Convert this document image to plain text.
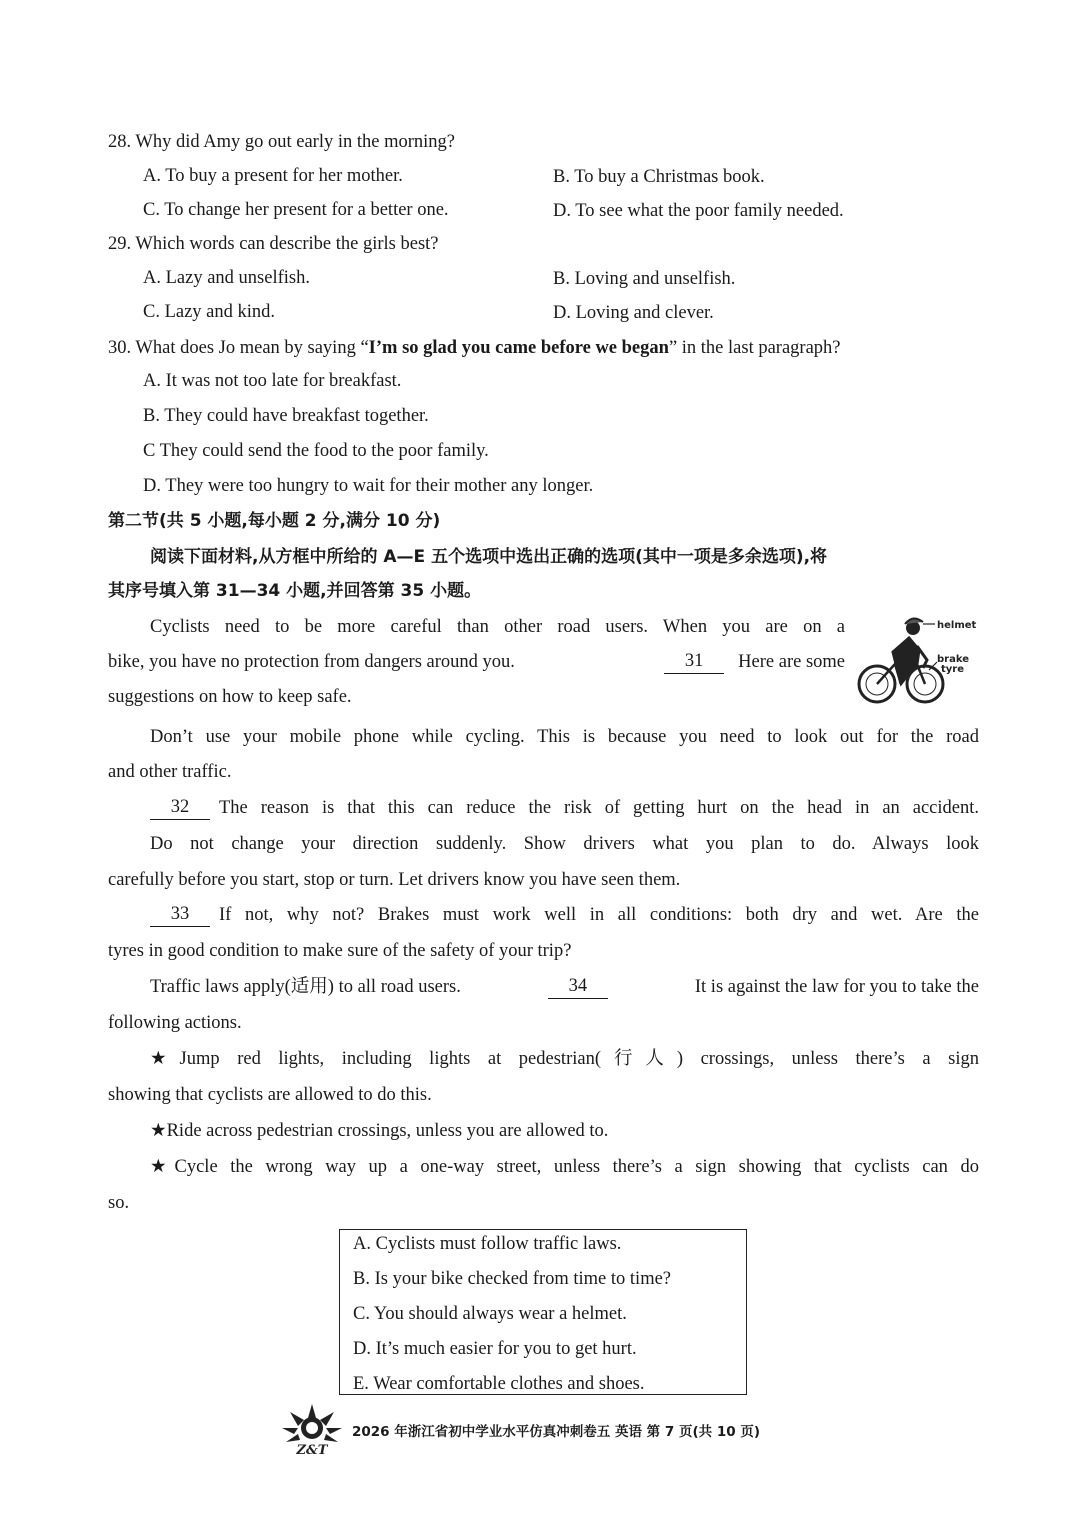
28. Why did Amy go out early in the morning?
A. To buy a present for her mother.	B. To buy a Christmas book.
C. To change her present for a better one.	D. To see what the poor family needed.
29. Which words can describe the girls best?
A. Lazy and unselfish.	B. Loving and unselfish.
C. Lazy and kind.	D. Loving and clever.
30. What does Jo mean by saying “I’m so glad you came before we began” in the last paragraph?
A. It was not too late for breakfast.
B. They could have breakfast together.
C They could send the food to the poor family.
D. They were too hungry to wait for their mother any longer.
第二节(共 5 小题,每小题 2 分,满分 10 分)
阅读下面材料,从方框中所给的 A—E 五个选项中选出正确的选项(其中一项是多余选项),将
其序号填入第 31—34 小题,并回答第 35 小题。
Cyclists need to be more careful than other road users. When you are on a
bike, you have no protection from dangers around you.	31	Here are some
suggestions on how to keep safe.
helmet
brake
tyre
Don’t use your mobile phone while cycling. This is because you need to look out for the road
and other traffic.
32	The reason is that this can reduce the risk of getting hurt on the head in an accident.
Do not change your direction suddenly. Show drivers what you plan to do. Always look
carefully before you start, stop or turn. Let drivers know you have seen them.
33	If not, why not? Brakes must work well in all conditions: both dry and wet. Are the
tyres in good condition to make sure of the safety of your trip?
Traffic laws apply(适用) to all road users.	34	It is against the law for you to take the
following actions.
★Jump red lights, including lights at pedestrian(行人) crossings, unless there’s a sign
showing that cyclists are allowed to do this.
★Ride across pedestrian crossings, unless you are allowed to.
★Cycle the wrong way up a one-way street, unless there’s a sign showing that cyclists can do
so.
A. Cyclists must follow traffic laws.
B. Is your bike checked from time to time?
C. You should always wear a helmet.
D. It’s much easier for you to get hurt.
E. Wear comfortable clothes and shoes.
Z&T
2026 年浙江省初中学业水平仿真冲刺卷五 英语 第 7 页(共 10 页)
